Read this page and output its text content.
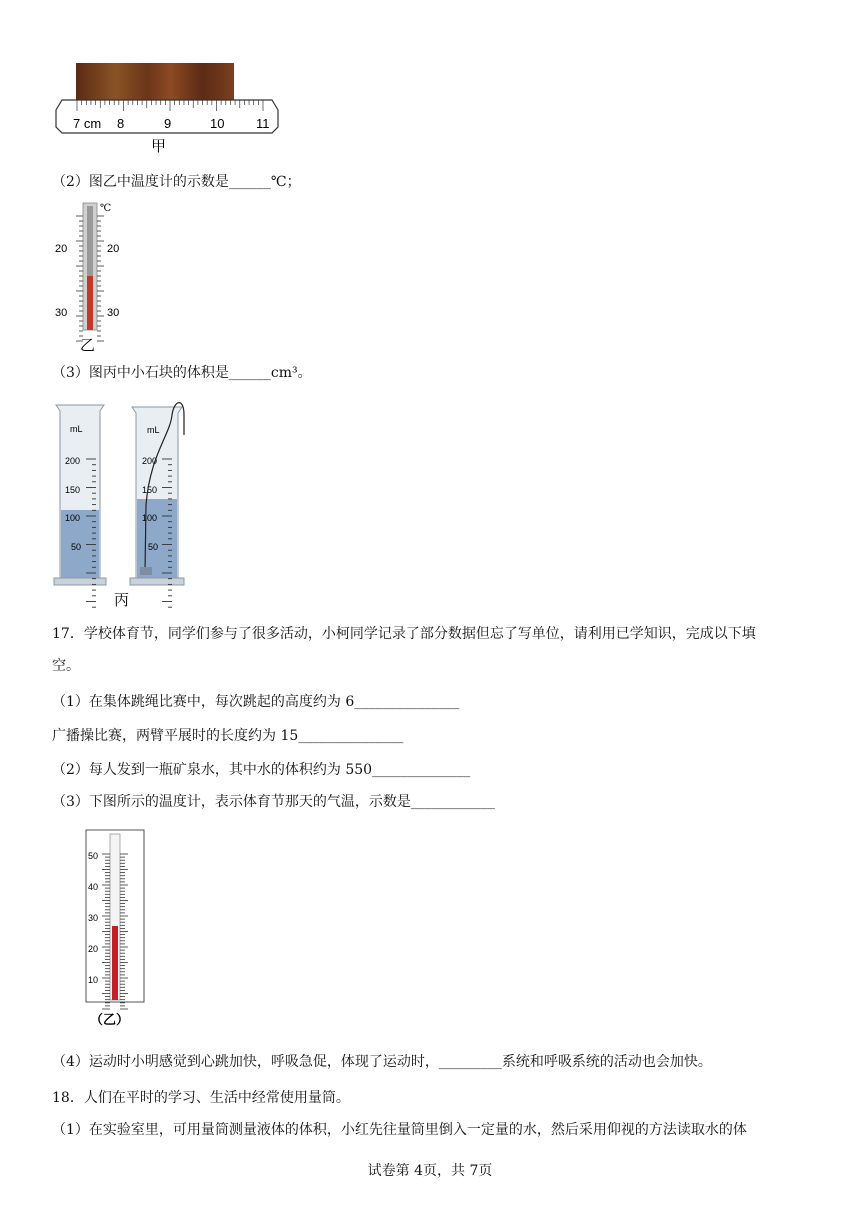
7 cm 8	9	10 11
甲
（2）图乙中温度计的示数是______℃；
℃
20
30
20
30
乙
（3）图丙中小石块的体积是______cm³。
mL
200
150
100
50
mL
200
150
100
50
丙
17．学校体育节，同学们参与了很多活动，小柯同学记录了部分数据但忘了写单位，请利用已学知识，完成以下填
空。
（1）在集体跳绳比赛中，每次跳起的高度约为 6_______________
广播操比赛，两臂平展时的长度约为 15_______________
（2）每人发到一瓶矿泉水，其中水的体积约为 550______________
（3）下图所示的温度计，表示体育节那天的气温，示数是____________
50
40
30
20
10
（乙）
（4）运动时小明感觉到心跳加快，呼吸急促，体现了运动时，_________系统和呼吸系统的活动也会加快。
18．人们在平时的学习、生活中经常使用量筒。
（1）在实验室里，可用量筒测量液体的体积，小红先往量筒里倒入一定量的水，然后采用仰视的方法读取水的体
试卷第 4页，共 7页
